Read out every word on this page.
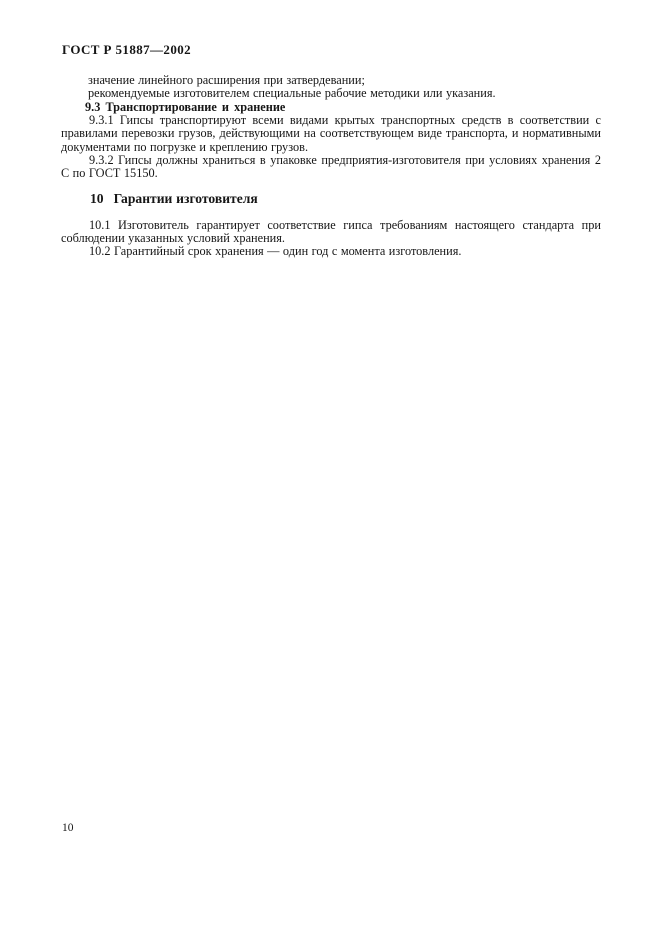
ГОСТ Р 51887—2002

значение линейного расширения при затвердевании;

рекомендуемые изготовителем специальные рабочие методики или указания.

9.3 Транспортирование и хранение

9.3.1 Гипсы транспортируют всеми видами крытых транспортных средств в соответствии с правилами перевозки грузов, действующими на соответствующем виде транспорта, и нормативными документами по погрузке и креплению грузов.

9.3.2 Гипсы должны храниться в упаковке предприятия-изготовителя при условиях хранения 2 С по ГОСТ 15150.

10 Гарантии изготовителя

10.1 Изготовитель гарантирует соответствие гипса требованиям настоящего стандарта при соблюдении указанных условий хранения.

10.2 Гарантийный срок хранения — один год с момента изготовления.

10
